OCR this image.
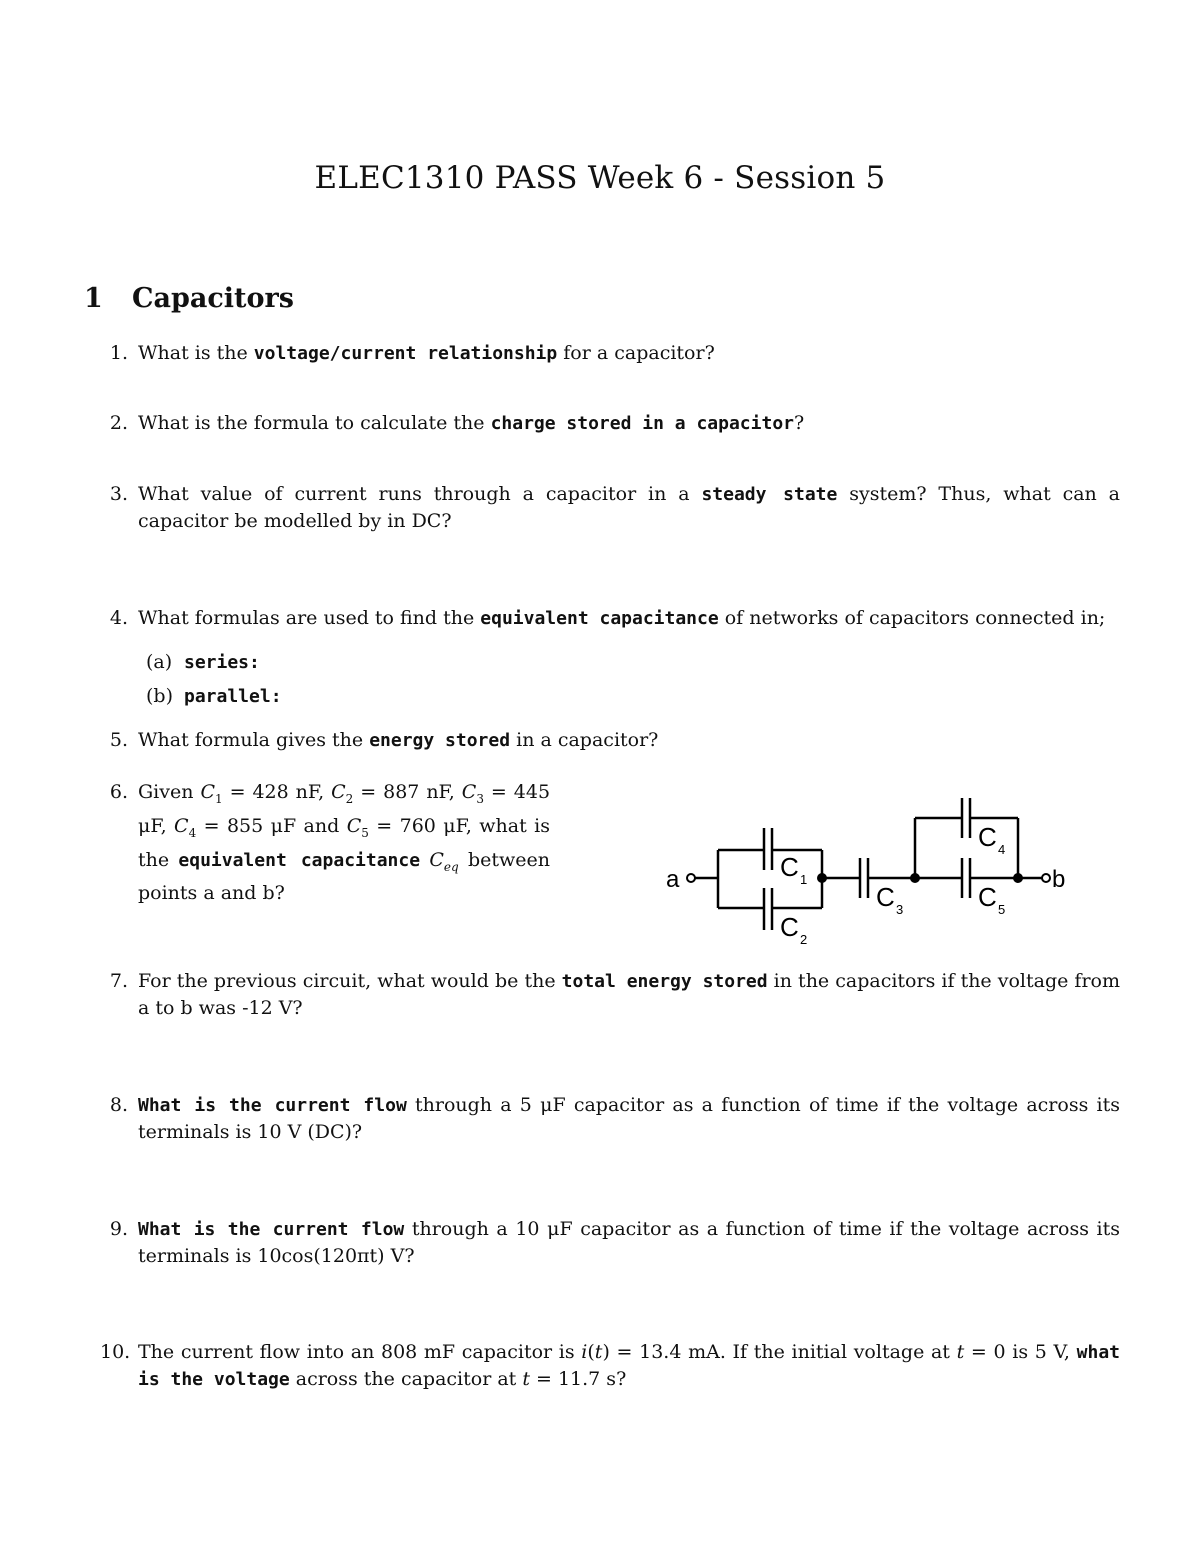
ELEC1310 PASS Week 6 - Session 5
1 Capacitors
1. What is the voltage/current relationship for a capacitor?
2. What is the formula to calculate the charge stored in a capacitor?
3. What value of current runs through a capacitor in a steady state system? Thus, what can a capacitor be modelled by in DC?
4. What formulas are used to find the equivalent capacitance of networks of capacitors connected in;
(a) series:
(b) parallel:
5. What formula gives the energy stored in a capacitor?
6. Given $C_1 = 428$ nF, $C_2 = 887$ nF, $C_3 = 445$ μF, $C_4 = 855$ μF and $C_5 = 760$ μF, what is the equivalent capacitance $C_{eq}$ between points a and b?
a	b
C 1
C 2
C 3
C 4
C 5
7. For the previous circuit, what would be the total energy stored in the capacitors if the voltage from a to b was -12 V?
8. What is the current flow through a 5 μF capacitor as a function of time if the voltage across its terminals is 10 V (DC)?
9. What is the current flow through a 10 μF capacitor as a function of time if the voltage across its terminals is 10cos(120πt) V?
10. The current flow into an 808 mF capacitor is i(t) = 13.4 mA. If the initial voltage at t = 0 is 5 V, what is the voltage across the capacitor at t = 11.7 s?
